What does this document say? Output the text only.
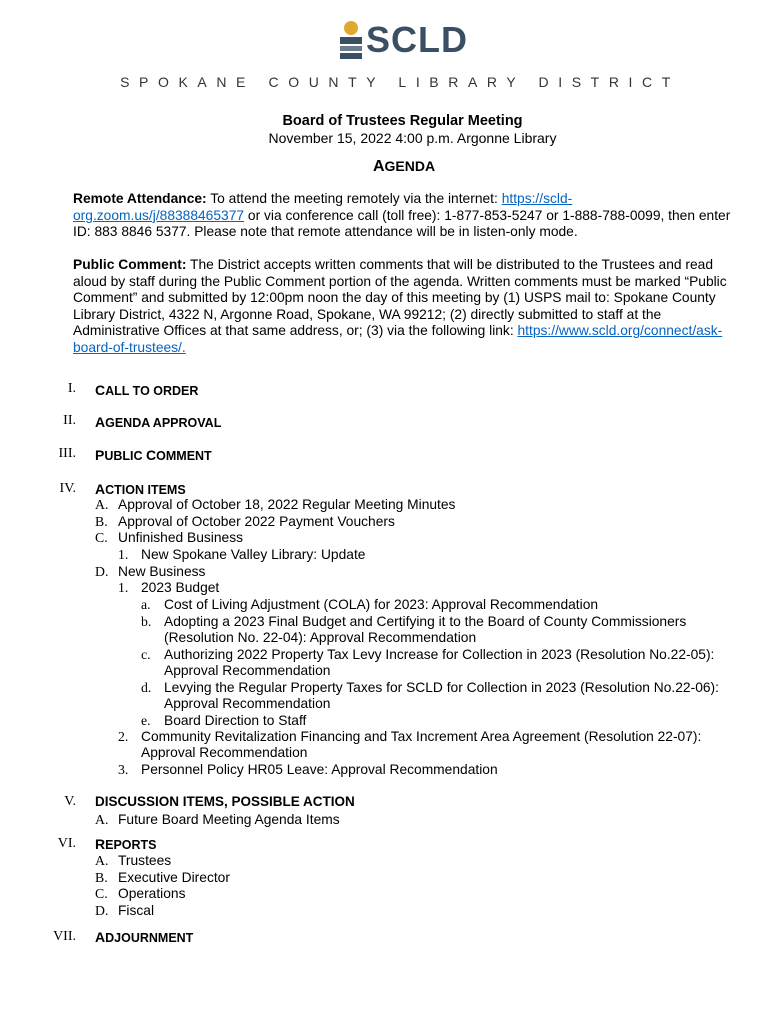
SCLD
SPOKANE COUNTY LIBRARY DISTRICT
Board of Trustees Regular Meeting
November 15, 2022 4:00 p.m. Argonne Library
AGENDA
Remote Attendance: To attend the meeting remotely via the internet: https://scld-
org.zoom.us/j/88388465377 or via conference call (toll free): 1-877-853-5247 or 1-888-788-0099, then enter
ID: 883 8846 5377. Please note that remote attendance will be in listen-only mode.
Public Comment: The District accepts written comments that will be distributed to the Trustees and read
aloud by staff during the Public Comment portion of the agenda. Written comments must be marked “Public
Comment” and submitted by 12:00pm noon the day of this meeting by (1) USPS mail to: Spokane County
Library District, 4322 N, Argonne Road, Spokane, WA 99212; (2) directly submitted to staff at the
Administrative Offices at that same address, or; (3) via the following link: https://www.scld.org/connect/ask-
board-of-trustees/.
I. CALL TO ORDER
II. AGENDA APPROVAL
III. PUBLIC COMMENT
IV. ACTION ITEMS
A. Approval of October 18, 2022 Regular Meeting Minutes
B. Approval of October 2022 Payment Vouchers
C. Unfinished Business
1. New Spokane Valley Library: Update
D. New Business
1. 2023 Budget
a. Cost of Living Adjustment (COLA) for 2023: Approval Recommendation
b. Adopting a 2023 Final Budget and Certifying it to the Board of County Commissioners
(Resolution No. 22-04): Approval Recommendation
c. Authorizing 2022 Property Tax Levy Increase for Collection in 2023 (Resolution No.22-05):
Approval Recommendation
d. Levying the Regular Property Taxes for SCLD for Collection in 2023 (Resolution No.22-06):
Approval Recommendation
e. Board Direction to Staff
2. Community Revitalization Financing and Tax Increment Area Agreement (Resolution 22-07):
Approval Recommendation
3. Personnel Policy HR05 Leave: Approval Recommendation
V. DISCUSSION ITEMS, POSSIBLE ACTION
A. Future Board Meeting Agenda Items
VI. REPORTS
A. Trustees
B. Executive Director
C. Operations
D. Fiscal
VII. ADJOURNMENT
